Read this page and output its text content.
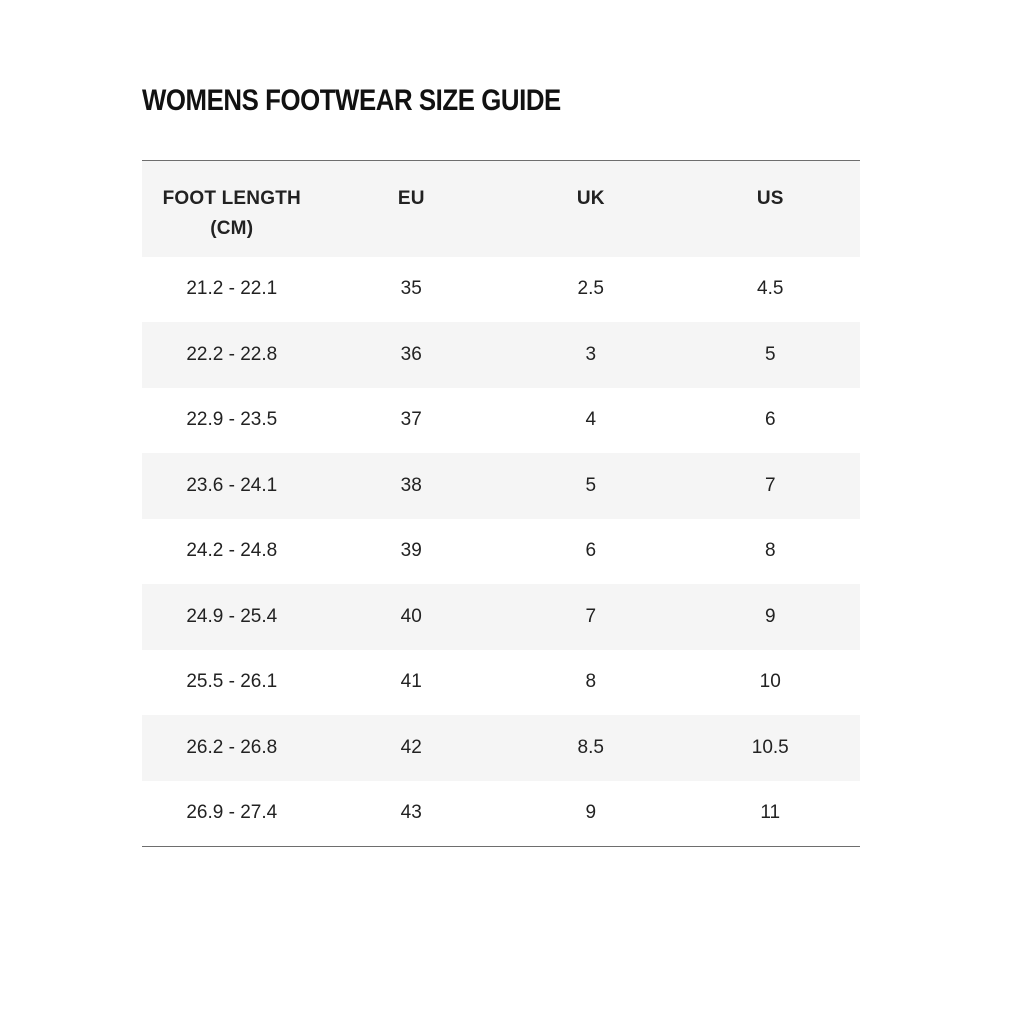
WOMENS FOOTWEAR SIZE GUIDE
FOOT LENGTH
(CM)	EU	UK	US
21.2 - 22.1	35	2.5	4.5
22.2 - 22.8	36	3	5
22.9 - 23.5	37	4	6
23.6 - 24.1	38	5	7
24.2 - 24.8	39	6	8
24.9 - 25.4	40	7	9
25.5 - 26.1	41	8	10
26.2 - 26.8	42	8.5	10.5
26.9 - 27.4	43	9	11
